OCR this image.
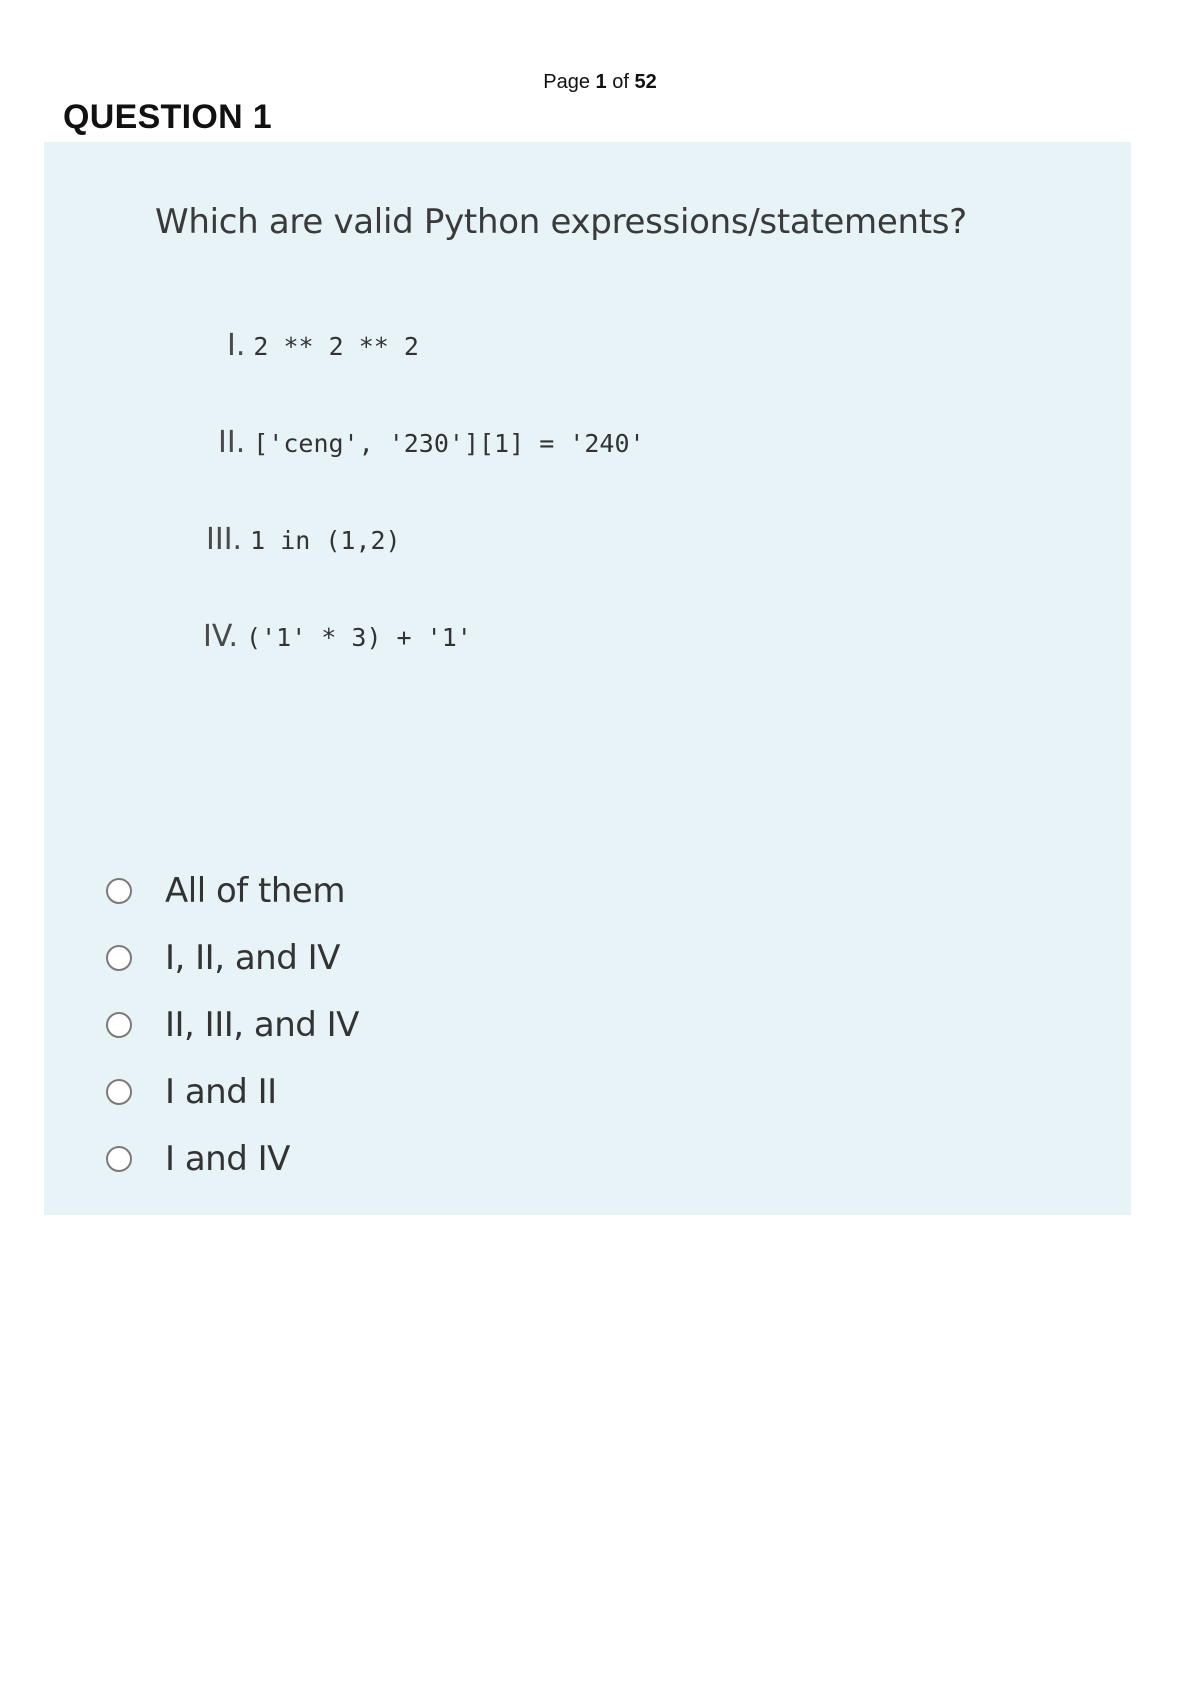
Page 1 of 52
QUESTION 1

Which are valid Python expressions/statements?

I. 2 ** 2 ** 2
II. ['ceng', '230'][1] = '240'
III. 1 in (1,2)
IV. ('1' * 3) + '1'
All of them
I, II, and IV
II, III, and IV
I and II
I and IV
